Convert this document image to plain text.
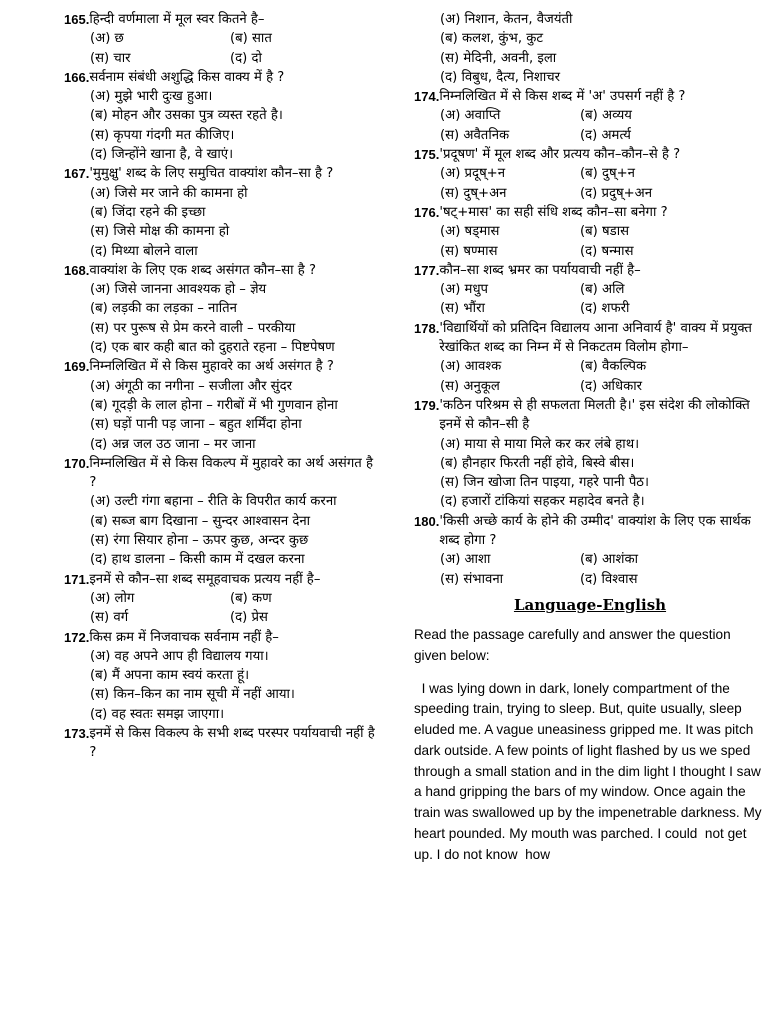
165. हिन्दी वर्णमाला में मूल स्वर कितने है–
(अ) छ	(ब) सात
(स) चार	(द) दो
166. सर्वनाम संबंधी अशुद्धि किस वाक्य में है ?
(अ) मुझे भारी दुःख हुआ।
(ब) मोहन और उसका पुत्र व्यस्त रहते है।
(स) कृपया गंदगी मत कीजिए।
(द) जिन्होंने खाना है, वे खाएं।
167. 'मुमुक्षु' शब्द के लिए समुचित वाक्यांश कौन–सा है ?
(अ) जिसे मर जाने की कामना हो
(ब) जिंदा रहने की इच्छा
(स) जिसे मोक्ष की कामना हो
(द) मिथ्या बोलने वाला
168. वाक्यांश के लिए एक शब्द असंगत कौन–सा है ?
(अ) जिसे जानना आवश्यक हो – ज्ञेय
(ब) लड़की का लड़का – नातिन
(स) पर पुरूष से प्रेम करने वाली – परकीया
(द) एक बार कही बात को दुहराते रहना – पिष्टपेषण
169. निम्नलिखित में से किस मुहावरे का अर्थ असंगत है ?
(अ) अंगूठी का नगीना – सजीला और सुंदर
(ब) गूदड़ी के लाल होना – गरीबों में भी गुणवान होना
(स) घड़ों पानी पड़ जाना – बहुत शर्मिंदा होना
(द) अन्न जल उठ जाना – मर जाना
170. निम्नलिखित में से किस विकल्प में मुहावरे का अर्थ असंगत है ?
(अ) उल्टी गंगा बहाना – रीति के विपरीत कार्य करना
(ब) सब्ज बाग दिखाना – सुन्दर आश्वासन देना
(स) रंगा सियार होना – ऊपर कुछ, अन्दर कुछ
(द) हाथ डालना – किसी काम में दखल करना
171. इनमें से कौन–सा शब्द समूहवाचक प्रत्यय नहीं है–
(अ) लोग	(ब) कण
(स) वर्ग	(द) प्रेस
172. किस क्रम में निजवाचक सर्वनाम नहीं है–
(अ) वह अपने आप ही विद्यालय गया।
(ब) मैं अपना काम स्वयं करता हूं।
(स) किन–किन का नाम सूची में नहीं आया।
(द) वह स्वतः समझ जाएगा।
173. इनमें से किस विकल्प के सभी शब्द परस्पर पर्यायवाची नहीं है ?
(अ) निशान, केतन, वैजयंती
(ब) कलश, कुंभ, कुट
(स) मेदिनी, अवनी, इला
(द) विबुध, दैत्य, निशाचर
174. निम्नलिखित में से किस शब्द में 'अ' उपसर्ग नहीं है ?
(अ) अवाप्ति	(ब) अव्यय
(स) अवैतनिक	(द) अमर्त्य
175. 'प्रदूषण' में मूल शब्द और प्रत्यय कौन–कौन–से है ?
(अ) प्रदूष्+न	(ब) दुष्+न
(स) दुष्+अन	(द) प्रदुष्+अन
176. 'षट्+मास' का सही संधि शब्द कौन–सा बनेगा ?
(अ) षड्मास	(ब) षडास
(स) षण्मास	(द) षन्मास
177. कौन–सा शब्द भ्रमर का पर्यायवाची नहीं है–
(अ) मधुप	(ब) अलि
(स) भौंरा	(द) शफरी
178. 'विद्यार्थियों को प्रतिदिन विद्यालय आना अनिवार्य है' वाक्य में प्रयुक्त रेखांकित शब्द का निम्न में से निकटतम विलोम होगा–
(अ) आवश्क	(ब) वैकल्पिक
(स) अनुकूल	(द) अधिकार
179. 'कठिन परिश्रम से ही सफलता मिलती है।' इस संदेश की लोकोक्ति इनमें से कौन–सी है
(अ) माया से माया मिले कर कर लंबे हाथ।
(ब) हौनहार फिरती नहीं होवे, बिस्वे बीस।
(स) जिन खोजा तिन पाइया, गहरे पानी पैठ।
(द) हजारों टांकियां सहकर महादेव बनते है।
180. 'किसी अच्छे कार्य के होने की उम्मीद' वाक्यांश के लिए एक सार्थक शब्द होगा ?
(अ) आशा	(ब) आशंका
(स) संभावना	(द) विश्वास
Language-English

Read the passage carefully and answer the question given below:

I was lying down in dark, lonely compartment of the speeding train, trying to sleep. But, quite usually, sleep eluded me. A vague uneasiness gripped me. It was pitch dark outside. A few points of light flashed by us we sped through a small station and in the dim light I thought I saw a hand gripping the bars of my window. Once again the train was swallowed up by the impenetrable darkness. My heart pounded. My mouth was parched. I could  not get up. I do not know  how
